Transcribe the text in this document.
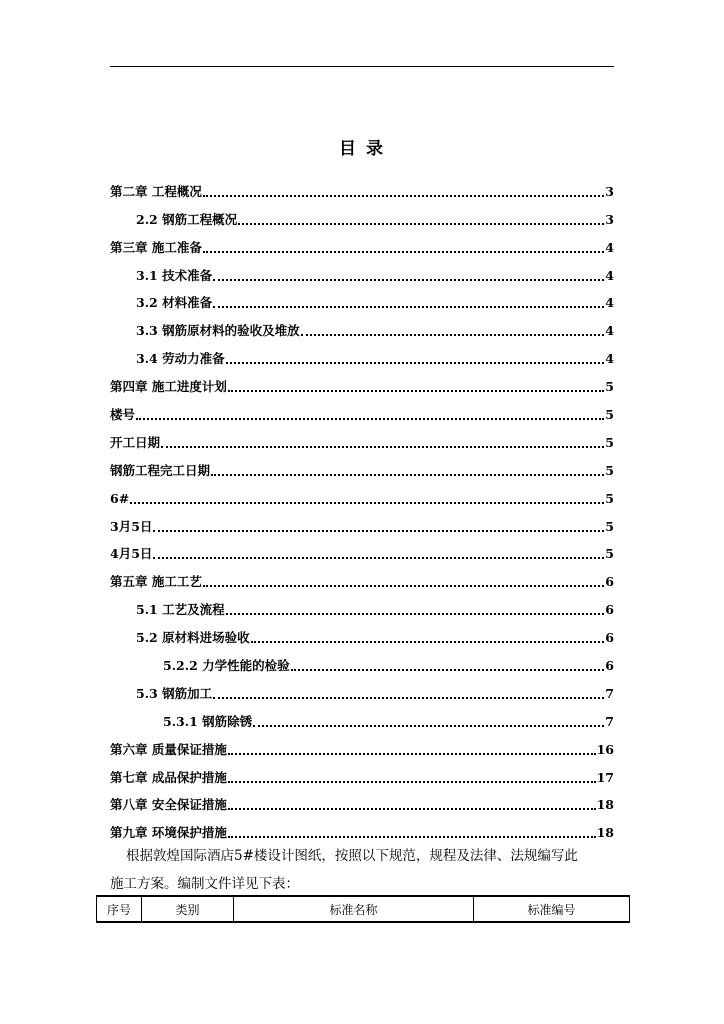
目 录
第二章 工程概况	3
2.2 钢筋工程概况	3
第三章 施工准备	4
3.1 技术准备	4
3.2 材料准备	4
3.3 钢筋原材料的验收及堆放	4
3.4 劳动力准备	4
第四章 施工进度计划	5
楼号	5
开工日期	5
钢筋工程完工日期	5
6#	5
3月5日	5
4月5日	5
第五章 施工工艺	6
5.1 工艺及流程	6
5.2 原材料进场验收	6
5.2.2 力学性能的检验	6
5.3 钢筋加工	7
5.3.1 钢筋除锈	7
第六章 质量保证措施	16
第七章 成品保护措施	17
第八章 安全保证措施	18
第九章 环境保护措施	18

根据敦煌国际酒店5#楼设计图纸，按照以下规范，规程及法律、法规编写此
施工方案。编制文件详见下表：

序号	类别	标准名称	标准编号
